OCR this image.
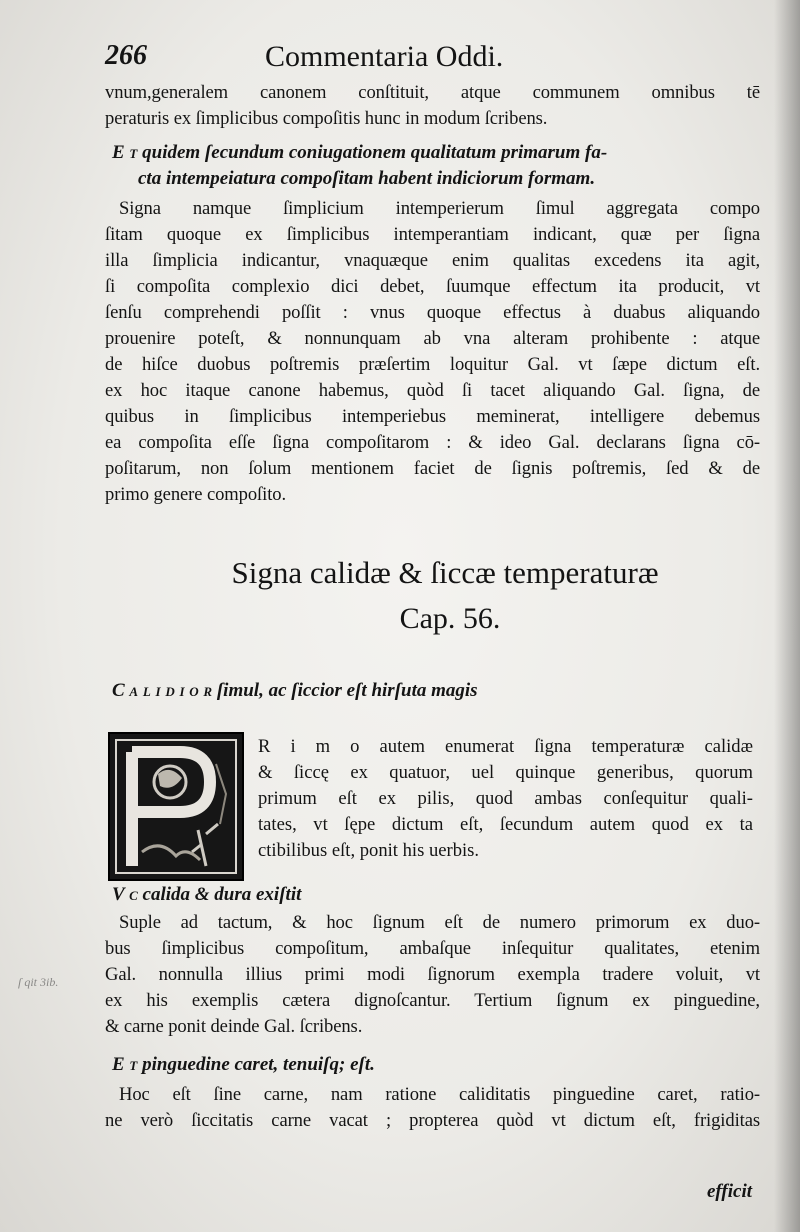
266	Commentaria Oddi.
vnum,generalem canonem conſtituit, atque communem omnibus tē
peraturis ex ſimplicibus compoſitis hunc in modum ſcribens.
E t quidem ſecundum coniugationem qualitatum primarum fa-
cta intempeiatura compoſitam habent indiciorum formam.
Signa namque ſimplicium intemperierum ſimul aggregata compo
ſitam quoque ex ſimplicibus intemperantiam indicant, quæ per ſigna
illa ſimplicia indicantur, vnaquæque enim qualitas excedens ita agit,
ſi compoſita complexio dici debet, ſuumque effectum ita producit, vt
ſenſu comprehendi poſſit : vnus quoque effectus à duabus aliquando
prouenire poteſt, & nonnunquam ab vna alteram prohibente : atque
de hiſce duobus poſtremis præſertim loquitur Gal. vt ſæpe dictum eſt.
ex hoc itaque canone habemus, quòd ſi tacet aliquando Gal. ſigna, de
quibus in ſimplicibus intemperiebus meminerat, intelligere debemus
ea compoſita eſſe ſigna compoſitarom : & ideo Gal. declarans ſigna cō-
poſitarum, non ſolum mentionem faciet de ſignis poſtremis, ſed & de
primo genere compoſito.
Signa calidæ & ſiccæ temperaturæ
Cap. 56.
C a l i d i o r ſimul, ac ſiccior eſt hirſuta magis
R i m o autem enumerat ſigna temperaturæ calidæ
& ſiccę ex quatuor, uel quinque generibus, quorum
primum eſt ex pilis, quod ambas conſequitur quali-
tates, vt ſępe dictum eſt, ſecundum autem quod ex ta
ctibilibus eſt, ponit his uerbis.
V c calida & dura exiſtit
Suple ad tactum, & hoc ſignum eſt de numero primorum ex duo-
bus ſimplicibus compoſitum, ambaſque inſequitur qualitates, etenim
Gal. nonnulla illius primi modi ſignorum exempla tradere voluit, vt
ex his exemplis cætera dignoſcantur. Tertium ſignum ex pinguedine,
& carne ponit deinde Gal. ſcribens.
ſ qit 3ib.
E t pinguedine caret, tenuiſq; eſt.
Hoc eſt ſine carne, nam ratione caliditatis pinguedine caret, ratio-
ne verò ſiccitatis carne vacat ; propterea quòd vt dictum eſt, frigiditas
efficit
